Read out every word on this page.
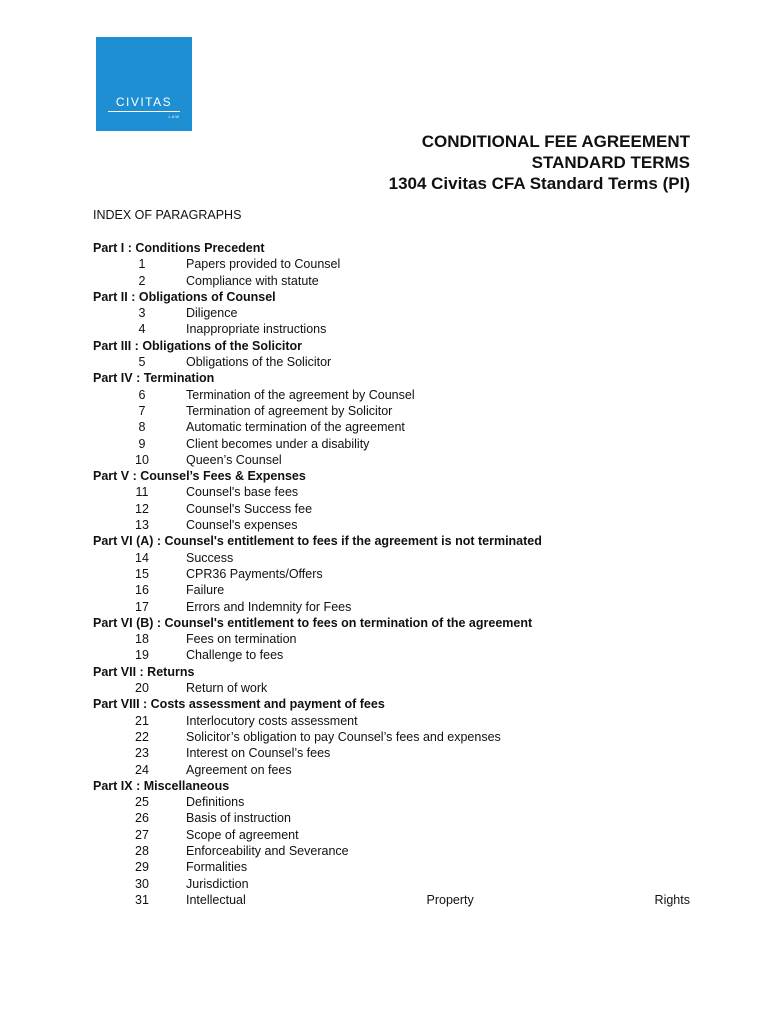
CIVITAS
LAW
CONDITIONAL FEE AGREEMENT
STANDARD TERMS
1304 Civitas CFA Standard Terms (PI)
INDEX OF PARAGRAPHS
Part I : Conditions Precedent
1	Papers provided to Counsel
2	Compliance with statute
Part II : Obligations of Counsel
3	Diligence
4	Inappropriate instructions
Part III : Obligations of the Solicitor
5	Obligations of the Solicitor
Part IV : Termination
6	Termination of the agreement by Counsel
7	Termination of agreement by Solicitor
8	Automatic termination of the agreement
9	Client becomes under a disability
10	Queen’s Counsel
Part V : Counsel’s Fees & Expenses
11	Counsel's base fees
12	Counsel's Success fee
13	Counsel's expenses
Part VI (A) : Counsel's entitlement to fees if the agreement is not terminated
14	Success
15	CPR36 Payments/Offers
16	Failure
17	Errors and Indemnity for Fees
Part VI (B) : Counsel's entitlement to fees on termination of the agreement
18	Fees on termination
19	Challenge to fees
Part VII : Returns
20	Return of work
Part VIII : Costs assessment and payment of fees
21	Interlocutory costs assessment
22	Solicitor’s obligation to pay Counsel’s fees and expenses
23	Interest on Counsel’s fees
24	Agreement on fees
Part IX : Miscellaneous
25	Definitions
26	Basis of instruction
27	Scope of agreement
28	Enforceability and Severance
29	Formalities
30	Jurisdiction
31	Intellectual	Property	Rights
